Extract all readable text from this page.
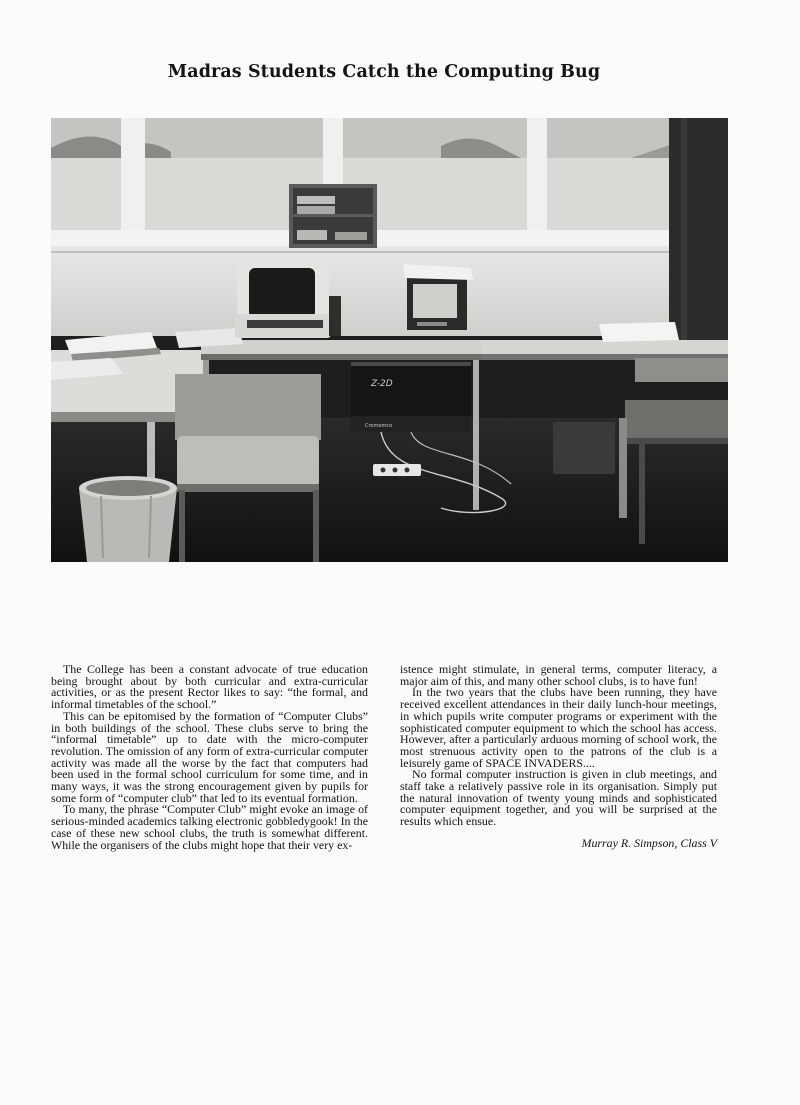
Madras Students Catch the Computing Bug
Z-2D
Cromemco

The College has been a constant advocate of true education being brought about by both curricular and extra-curricular activities, or as the present Rector likes to say: “the formal, and informal timetables of the school.”

This can be epitomised by the formation of “Computer Clubs” in both buildings of the school. These clubs serve to bring the “informal timetable” up to date with the micro-computer revolution. The omission of any form of extra-curricular computer activity was made all the worse by the fact that computers had been used in the formal school curriculum for some time, and in many ways, it was the strong encouragement given by pupils for some form of “computer club” that led to its eventual formation.

To many, the phrase “Computer Club” might evoke an image of serious-minded academics talking electronic gobbledygook! In the case of these new school clubs, the truth is somewhat different. While the organisers of the clubs might hope that their very ex-

istence might stimulate, in general terms, computer literacy, a major aim of this, and many other school clubs, is to have fun!

In the two years that the clubs have been running, they have received excellent attendances in their daily lunch-hour meetings, in which pupils write computer programs or experiment with the sophisticated computer equipment to which the school has access. However, after a particularly arduous morning of school work, the most strenuous activity open to the patrons of the club is a leisurely game of SPACE INVADERS....

No formal computer instruction is given in club meetings, and staff take a relatively passive role in its organisation. Simply put the natural innovation of twenty young minds and sophisticated computer equipment together, and you will be surprised at the results which ensue.

Murray R. Simpson, Class V
